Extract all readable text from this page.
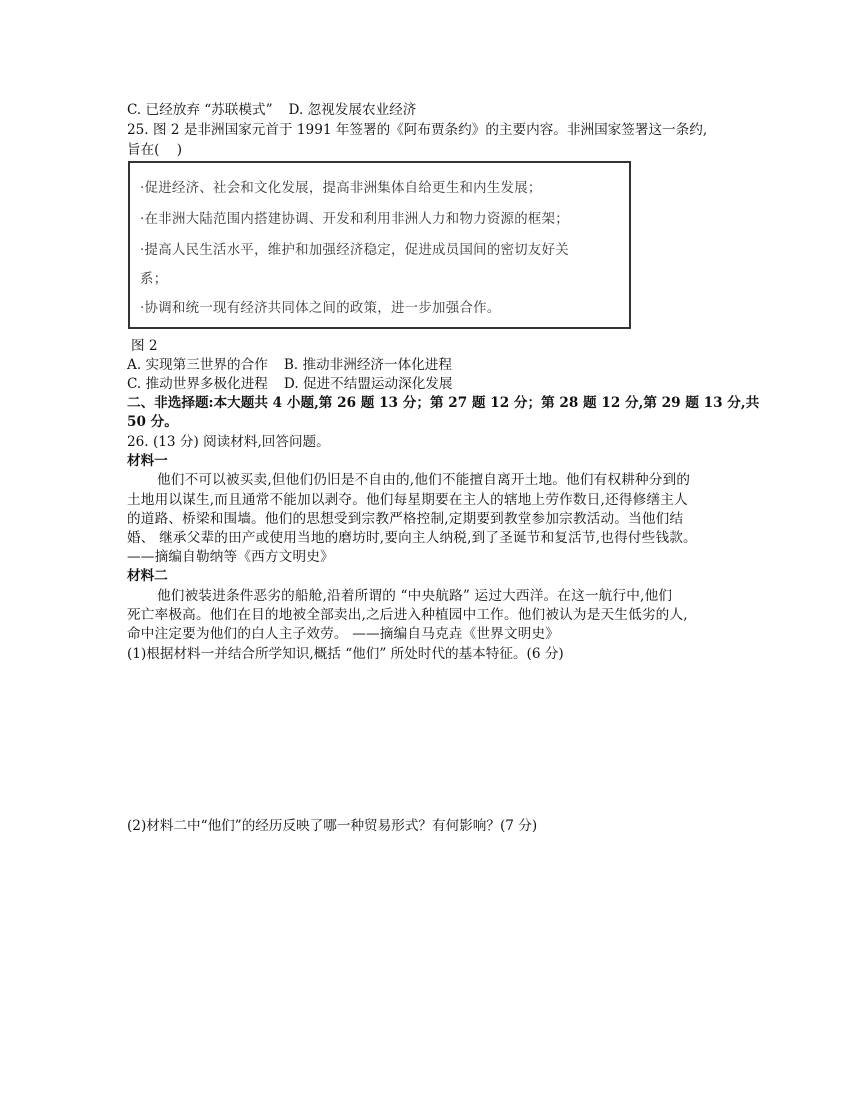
C. 已经放弃 “苏联模式” D. 忽视发展农业经济
25. 图 2 是非洲国家元首于 1991 年签署的《阿布贾条约》的主要内容。非洲国家签署这一条约,
旨在(    )
·促进经济、社会和文化发展，提高非洲集体自给更生和内生发展；
·在非洲大陆范围内搭建协调、开发和利用非洲人力和物力资源的框架；
·提高人民生活水平，维护和加强经济稳定，促进成员国间的密切友好关
系；
·协调和统一现有经济共同体之间的政策，进一步加强合作。
图 2
A. 实现第三世界的合作 B. 推动非洲经济一体化进程
C. 推动世界多极化进程 D. 促进不结盟运动深化发展
二、非选择题:本大题共 4 小题,第 26 题 13 分；第 27 题 12 分；第 28 题 12 分,第 29 题 13 分,共
50 分。
26. (13 分) 阅读材料,回答问题。
材料一
他们不可以被买卖,但他们仍旧是不自由的,他们不能擅自离开土地。他们有权耕种分到的
土地用以谋生,而且通常不能加以剥夺。他们每星期要在主人的辖地上劳作数日,还得修缮主人
的道路、桥梁和围墙。他们的思想受到宗教严格控制,定期要到教堂参加宗教活动。当他们结
婚、 继承父辈的田产或使用当地的磨坊时,要向主人纳税,到了圣诞节和复活节,也得付些钱款。
——摘编自勒纳等《西方文明史》
材料二
他们被装进条件恶劣的船舱,沿着所谓的 “中央航路” 运过大西洋。在这一航行中,他们
死亡率极高。他们在目的地被全部卖出,之后进入种植园中工作。他们被认为是天生低劣的人,
命中注定要为他们的白人主子效劳。 ——摘编自马克垚《世界文明史》
(1)根据材料一并结合所学知识,概括 “他们” 所处时代的基本特征。(6 分)
(2)材料二中“他们”的经历反映了哪一种贸易形式？有何影响？(7 分)
